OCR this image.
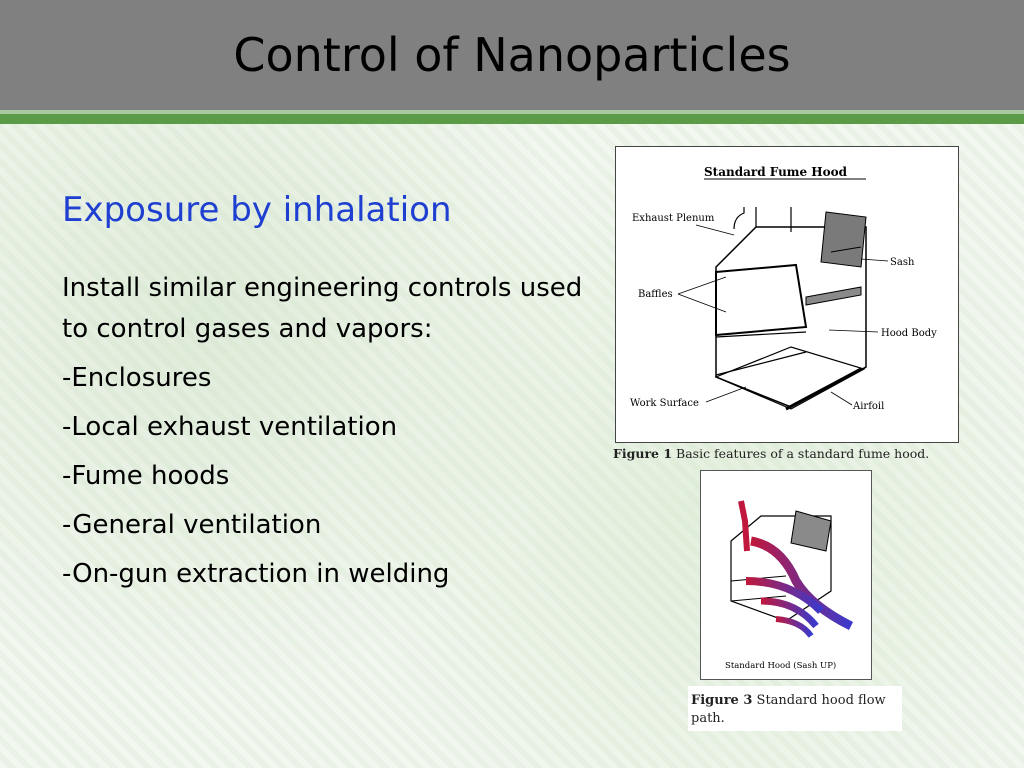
Control of Nanoparticles
Exposure by inhalation
Install similar engineering controls used to control gases and vapors:
-Enclosures
-Local exhaust ventilation
-Fume hoods
-General ventilation
-On-gun extraction in welding
Standard Fume Hood
Exhaust Plenum
Sash
Baffles
Hood Body
Work Surface	Airfoil
Figure 1 Basic features of a standard fume hood.
Standard Hood (Sash UP)
Figure 3 Standard hood flow path.
